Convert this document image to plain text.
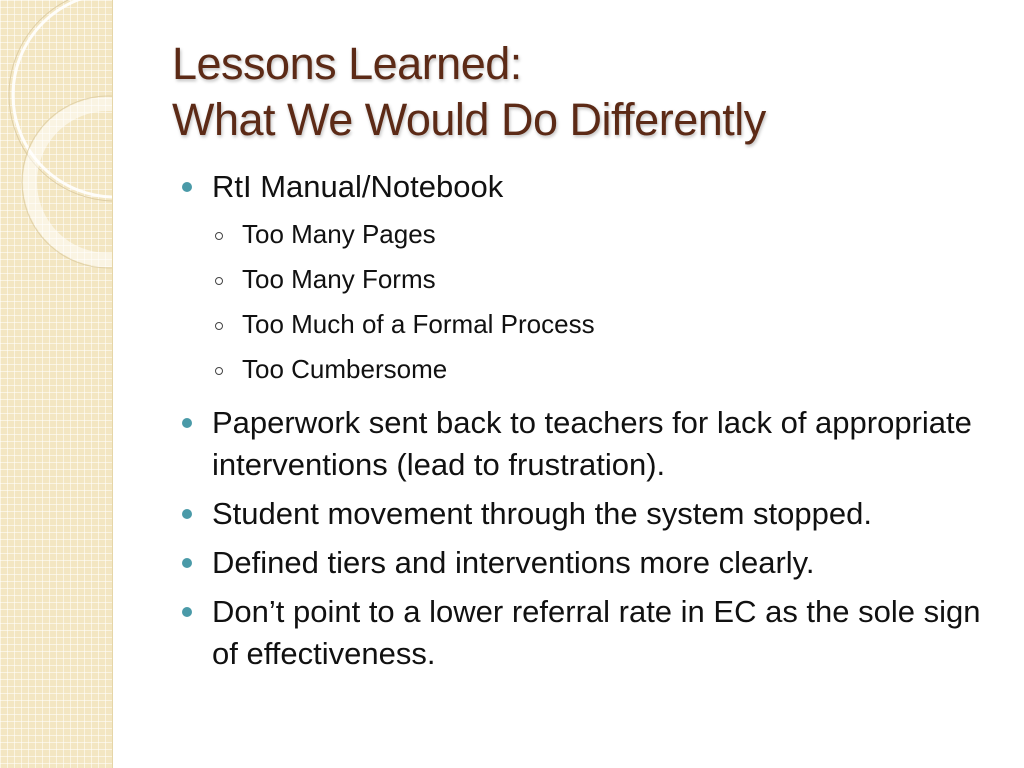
Lessons Learned:
What We Would Do Differently
RtI Manual/Notebook
Too Many Pages
Too Many Forms
Too Much of a Formal Process
Too Cumbersome
Paperwork sent back to teachers for lack of appropriate interventions (lead to frustration).
Student movement through the system stopped.
Defined tiers and interventions more clearly.
Don’t point to a lower referral rate in EC as the sole sign of effectiveness.
